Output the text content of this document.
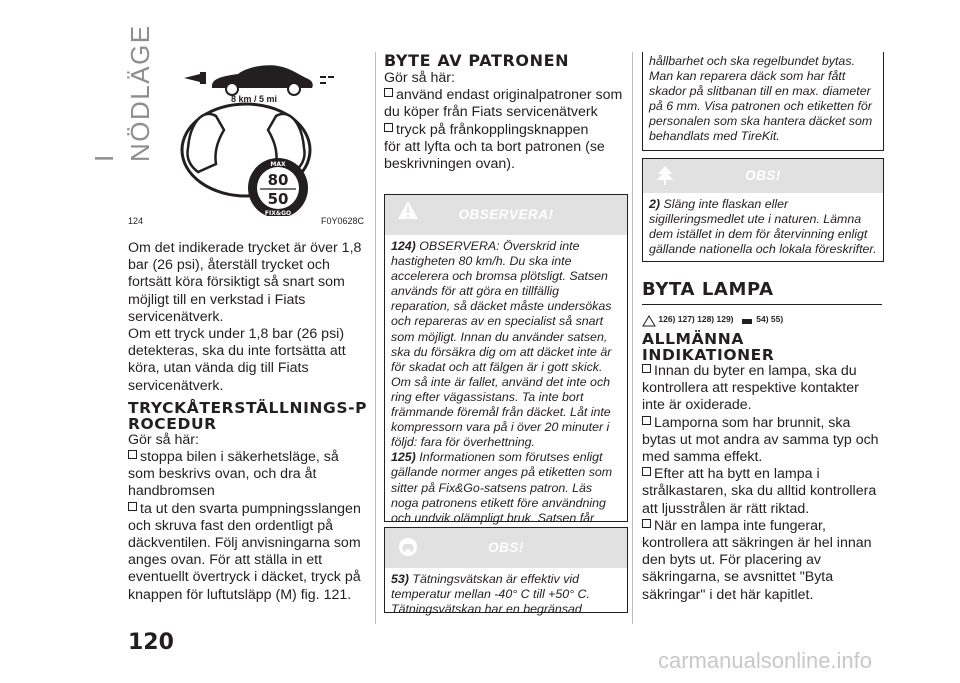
I NÖDLÄGE	8 km / 5 mi
80
50
MAX
FIX&GO
124	F0Y0628C

Om det indikerade trycket är över 1,8 bar (26 psi), återställ trycket och fortsätt köra försiktigt så snart som möjligt till en verkstad i Fiats servicenätverk.

Om ett tryck under 1,8 bar (26 psi) detekteras, ska du inte fortsätta att köra, utan vända dig till Fiats servicenätverk.

TRYCKÅTERSTÄLLNINGS-PROCEDUR

Gör så här:

stoppa bilen i säkerhetsläge, så som beskrivs ovan, och dra åt handbromsen

ta ut den svarta pumpningsslangen och skruva fast den ordentligt på däckventilen. Följ anvisningarna som anges ovan. För att ställa in ett eventuellt övertryck i däcket, tryck på knappen för luftutsläpp (M) fig. 121.

BYTE AV PATRONEN

Gör så här:

använd endast originalpatroner som du köper från Fiats servicenätverk

tryck på frånkopplingsknappen

för att lyfta och ta bort patronen (se beskrivningen ovan).

OBSERVERA!
124) OBSERVERA: Överskrid inte hastigheten 80 km/h. Du ska inte accelerera och bromsa plötsligt. Satsen används för att göra en tillfällig reparation, så däcket måste undersökas och repareras av en specialist så snart som möjligt. Innan du använder satsen, ska du försäkra dig om att däcket inte är för skadat och att fälgen är i gott skick. Om så inte är fallet, använd det inte och ring efter vägassistans. Ta inte bort främmande föremål från däcket. Låt inte kompressorn vara på i över 20 minuter i följd: fara för överhettning.
125) Informationen som förutses enligt gällande normer anges på etiketten som sitter på Fix&Go-satsens patron. Läs noga patronens etikett före användning och undvik olämpligt bruk. Satsen får
OBS!
53) Tätningsvätskan är effektiv vid temperatur mellan -40° C till +50° C. Tätningsvätskan har en begränsad
hållbarhet och ska regelbundet bytas. Man kan reparera däck som har fått skador på slitbanan till en max. diameter på 6 mm. Visa patronen och etiketten för personalen som ska hantera däcket som behandlats med TireKit.
OBS!
2) Släng inte flaskan eller sigilleringsmedlet ute i naturen. Lämna dem istället in dem för återvinning enligt gällande nationella och lokala föreskrifter.
BYTA LAMPA
126) 127) 128) 129)	54) 55)
ALLMÄNNA INDIKATIONER

Innan du byter en lampa, ska du kontrollera att respektive kontakter inte är oxiderade.

Lamporna som har brunnit, ska bytas ut mot andra av samma typ och med samma effekt.

Efter att ha bytt en lampa i strålkastaren, ska du alltid kontrollera att ljusstrålen är rätt riktad.

När en lampa inte fungerar, kontrollera att säkringen är hel innan den byts ut. För placering av säkringarna, se avsnittet "Byta säkringar" i det här kapitlet.

120
carmanualsonline.info
